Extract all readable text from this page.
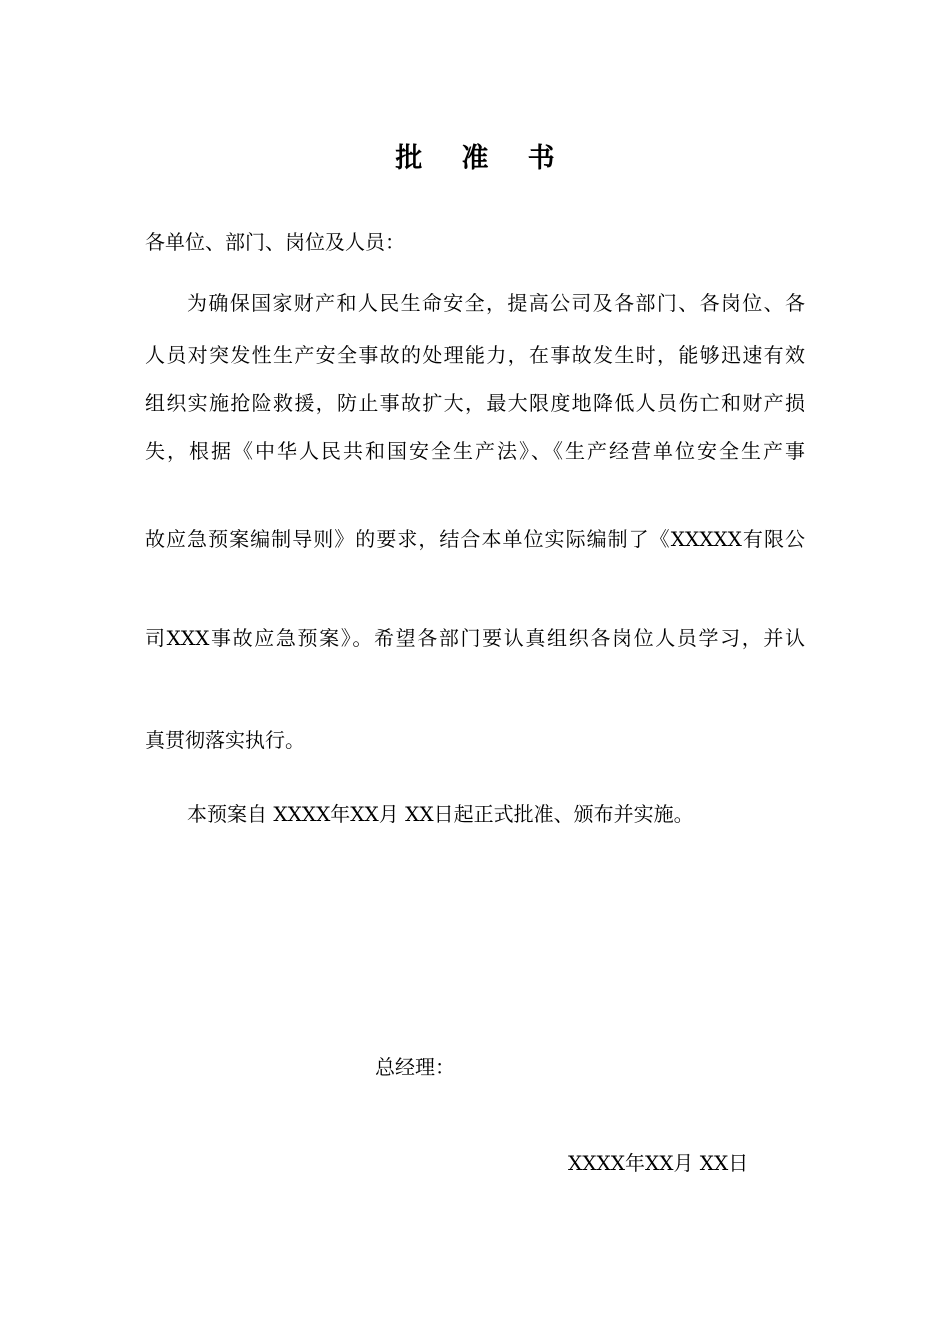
批 准 书
各单位、部门、岗位及人员：
为确保国家财产和人民生命安全，提高公司及各部门、各岗位、各
人员对突发性生产安全事故的处理能力，在事故发生时，能够迅速有效
组织实施抢险救援，防止事故扩大，最大限度地降低人员伤亡和财产损
失，根据《中华人民共和国安全生产法》、《生产经营单位安全生产事
故应急预案编制导则》的要求，结合本单位实际编制了《XXXXX有限公
司XXX事故应急预案》。希望各部门要认真组织各岗位人员学习，并认
真贯彻落实执行。
本预案自 XXXX年XX月 XX日起正式批准、颁布并实施。
总经理：
XXXX年XX月 XX日
